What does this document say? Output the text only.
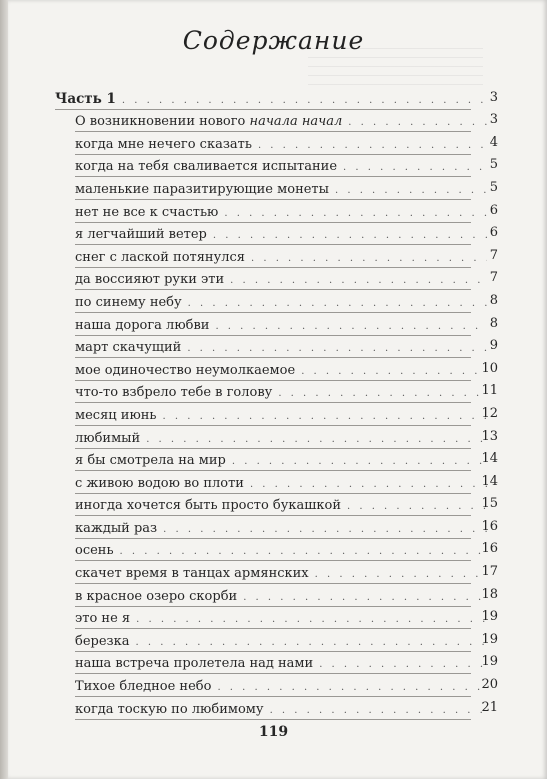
Содержание
Часть 1 . . .	3
О возникновении нового начала начал . . .	3
когда мне нечего сказать . . .	4
когда на тебя сваливается испытание . . .	5
маленькие паразитирующие монеты . . .	5
нет не все к счастью . . .	6
я легчайший ветер . . .	6
снег с лаской потянулся . . .	7
да воссияют руки эти . . .	7
по синему небу . . .	8
наша дорога любви . . .	8
март скачущий . . .	9
мое одиночество неумолкаемое . . .	10
что-то взбрело тебе в голову . . .	11
месяц июнь . . .	12
любимый . . .	13
я бы смотрела на мир . . .	14
с живою водою во плоти . . .	14
иногда хочется быть просто букашкой . . .	15
каждый раз . . .	16
осень . . .	16
скачет время в танцах армянских . . .	17
в красное озеро скорби . . .	18
это не я . . .	19
березка . . .	19
наша встреча пролетела над нами . . .	19
Тихое бледное небо . . .	20
когда тоскую по любимому . . .	21
119
